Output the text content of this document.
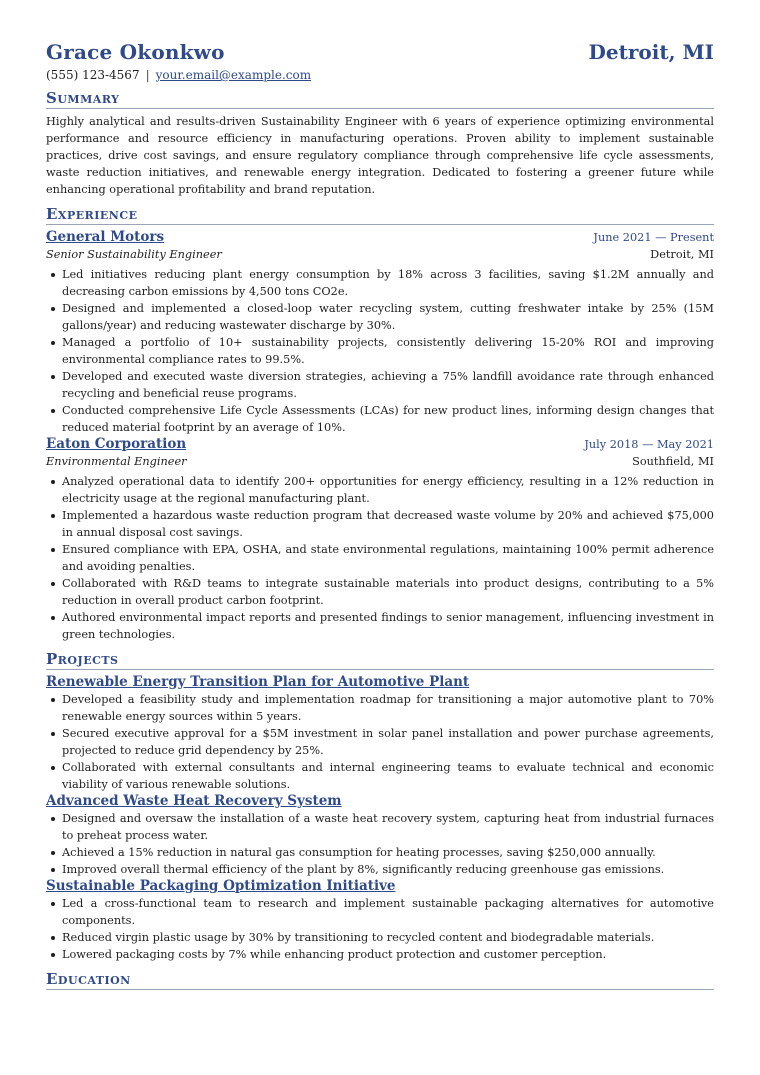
Grace Okonkwo
(555) 123-4567 | your.email@example.com
Detroit, MI
Summary

Highly analytical and results-driven Sustainability Engineer with 6 years of experience optimizing environmental performance and resource efficiency in manufacturing operations. Proven ability to implement sustainable practices, drive cost savings, and ensure regulatory compliance through comprehensive life cycle assessments, waste reduction initiatives, and renewable energy integration. Dedicated to fostering a greener future while enhancing operational profitability and brand reputation.

Experience
General Motors	June 2021 — Present
Senior Sustainability Engineer	Detroit, MI
Led initiatives reducing plant energy consumption by 18% across 3 facilities, saving $1.2M annually and decreasing carbon emissions by 4,500 tons CO2e.
Designed and implemented a closed-loop water recycling system, cutting freshwater intake by 25% (15M gallons/year) and reducing wastewater discharge by 30%.
Managed a portfolio of 10+ sustainability projects, consistently delivering 15-20% ROI and improving environmental compliance rates to 99.5%.
Developed and executed waste diversion strategies, achieving a 75% landfill avoidance rate through enhanced recycling and beneficial reuse programs.
Conducted comprehensive Life Cycle Assessments (LCAs) for new product lines, informing design changes that reduced material footprint by an average of 10%.
Eaton Corporation	July 2018 — May 2021
Environmental Engineer	Southfield, MI
Analyzed operational data to identify 200+ opportunities for energy efficiency, resulting in a 12% reduction in electricity usage at the regional manufacturing plant.
Implemented a hazardous waste reduction program that decreased waste volume by 20% and achieved $75,000 in annual disposal cost savings.
Ensured compliance with EPA, OSHA, and state environmental regulations, maintaining 100% permit adherence and avoiding penalties.
Collaborated with R&D teams to integrate sustainable materials into product designs, contributing to a 5% reduction in overall product carbon footprint.
Authored environmental impact reports and presented findings to senior management, influencing investment in green technologies.
Projects
Renewable Energy Transition Plan for Automotive Plant
Developed a feasibility study and implementation roadmap for transitioning a major automotive plant to 70% renewable energy sources within 5 years.
Secured executive approval for a $5M investment in solar panel installation and power purchase agreements, projected to reduce grid dependency by 25%.
Collaborated with external consultants and internal engineering teams to evaluate technical and economic viability of various renewable solutions.
Advanced Waste Heat Recovery System
Designed and oversaw the installation of a waste heat recovery system, capturing heat from industrial furnaces to preheat process water.
Achieved a 15% reduction in natural gas consumption for heating processes, saving $250,000 annually.
Improved overall thermal efficiency of the plant by 8%, significantly reducing greenhouse gas emissions.
Sustainable Packaging Optimization Initiative
Led a cross-functional team to research and implement sustainable packaging alternatives for automotive components.
Reduced virgin plastic usage by 30% by transitioning to recycled content and biodegradable materials.
Lowered packaging costs by 7% while enhancing product protection and customer perception.
Education
